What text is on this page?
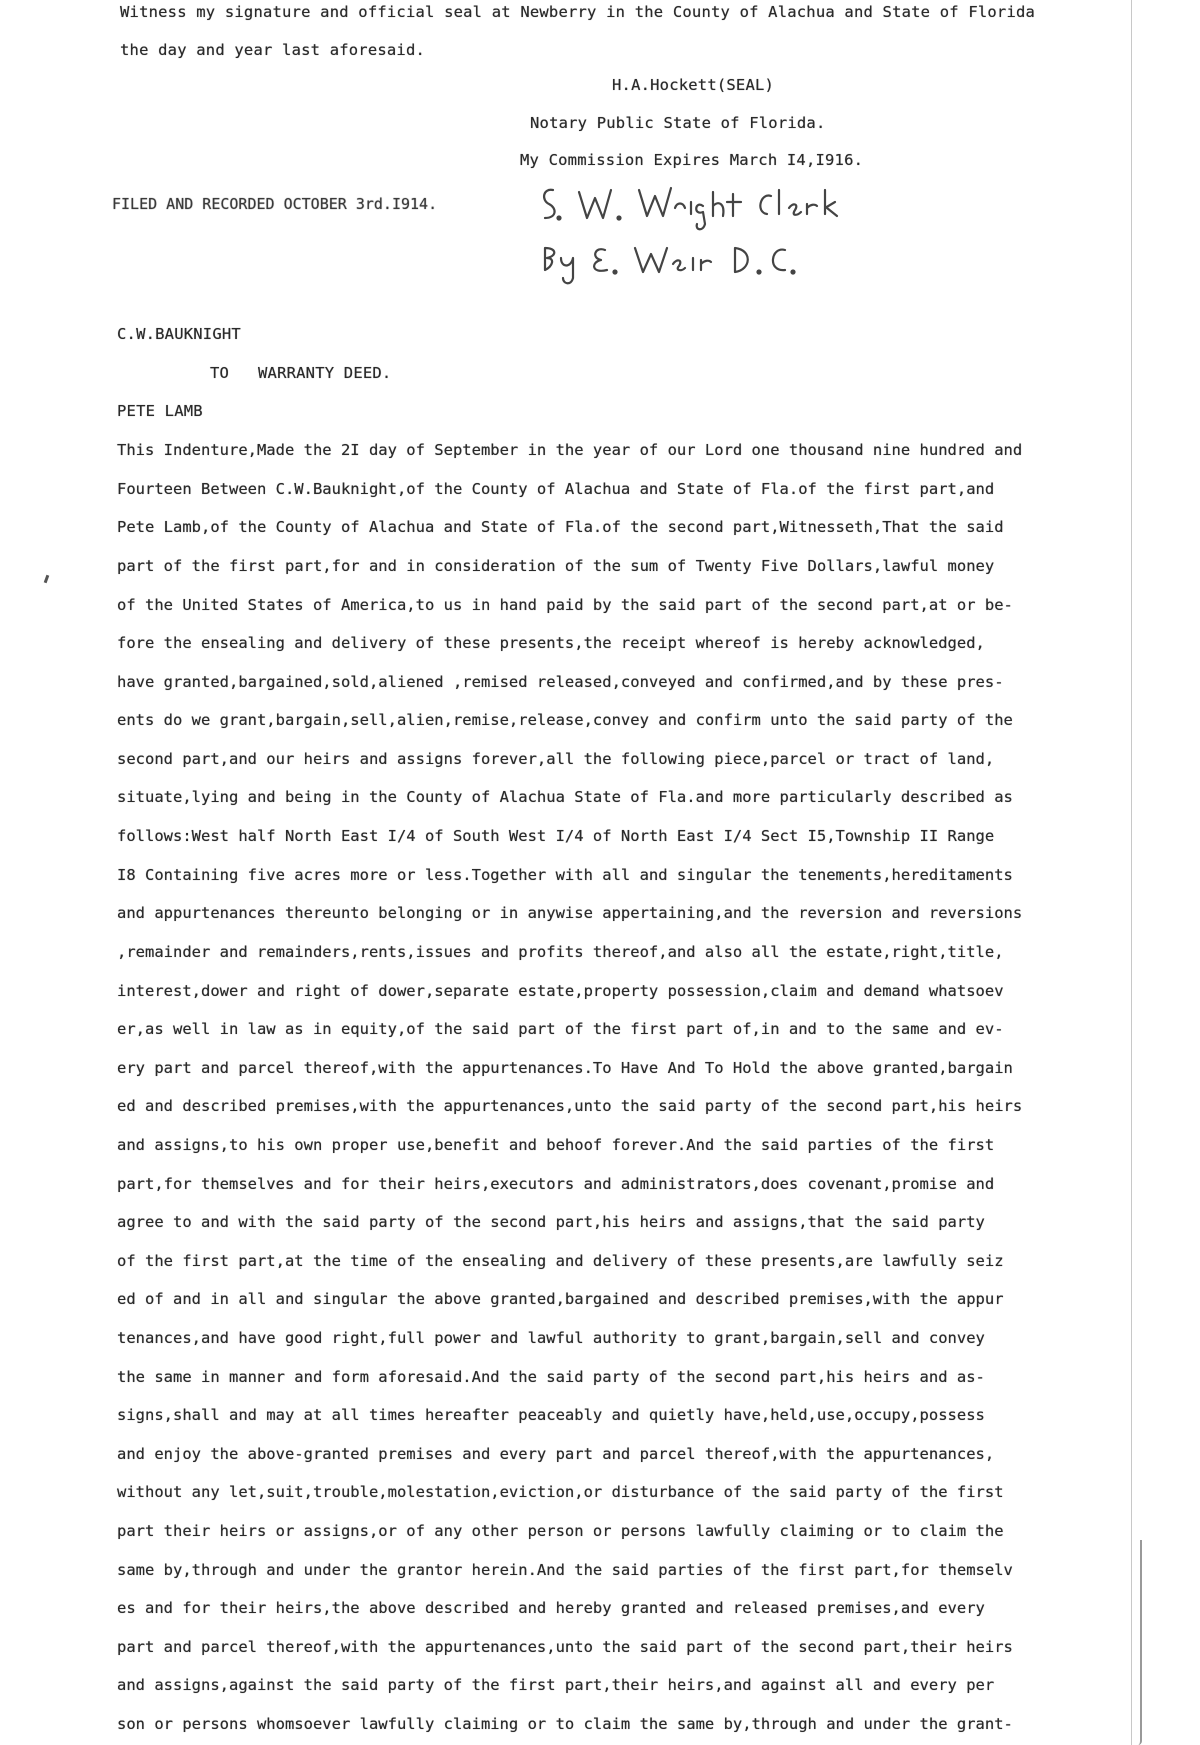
Witness my signature and official seal at Newberry in the County of Alachua and State of Florida
the day and year last aforesaid.
H.A.Hockett(SEAL)
Notary Public State of Florida.
My Commission Expires March I4,I916.
FILED AND RECORDED OCTOBER 3rd.I914.
C.W.BAUKNIGHT
TO WARRANTY DEED.
PETE LAMB
This Indenture,Made the 2I day of September in the year of our Lord one thousand nine hundred and
Fourteen Between C.W.Bauknight,of the County of Alachua and State of Fla.of the first part,and
Pete Lamb,of the County of Alachua and State of Fla.of the second part,Witnesseth,That the said
part of the first part,for and in consideration of the sum of Twenty Five Dollars,lawful money
of the United States of America,to us in hand paid by the said part of the second part,at or be-
fore the ensealing and delivery of these presents,the receipt whereof is hereby acknowledged,
have granted,bargained,sold,aliened ,remised released,conveyed and confirmed,and by these pres-
ents do we grant,bargain,sell,alien,remise,release,convey and confirm unto the said party of the
second part,and our heirs and assigns forever,all the following piece,parcel or tract of land,
situate,lying and being in the County of Alachua State of Fla.and more particularly described as
follows:West half North East I/4 of South West I/4 of North East I/4 Sect I5,Township II Range
I8 Containing five acres more or less.Together with all and singular the tenements,hereditaments
and appurtenances thereunto belonging or in anywise appertaining,and the reversion and reversions
,remainder and remainders,rents,issues and profits thereof,and also all the estate,right,title,
interest,dower and right of dower,separate estate,property possession,claim and demand whatsoev
er,as well in law as in equity,of the said part of the first part of,in and to the same and ev-
ery part and parcel thereof,with the appurtenances.To Have And To Hold the above granted,bargain
ed and described premises,with the appurtenances,unto the said party of the second part,his heirs
and assigns,to his own proper use,benefit and behoof forever.And the said parties of the first
part,for themselves and for their heirs,executors and administrators,does covenant,promise and
agree to and with the said party of the second part,his heirs and assigns,that the said party
of the first part,at the time of the ensealing and delivery of these presents,are lawfully seiz
ed of and in all and singular the above granted,bargained and described premises,with the appur
tenances,and have good right,full power and lawful authority to grant,bargain,sell and convey
the same in manner and form aforesaid.And the said party of the second part,his heirs and as-
signs,shall and may at all times hereafter peaceably and quietly have,held,use,occupy,possess
and enjoy the above-granted premises and every part and parcel thereof,with the appurtenances,
without any let,suit,trouble,molestation,eviction,or disturbance of the said party of the first
part their heirs or assigns,or of any other person or persons lawfully claiming or to claim the
same by,through and under the grantor herein.And the said parties of the first part,for themselv
es and for their heirs,the above described and hereby granted and released premises,and every
part and parcel thereof,with the appurtenances,unto the said part of the second part,their heirs
and assigns,against the said party of the first part,their heirs,and against all and every per
son or persons whomsoever lawfully claiming or to claim the same by,through and under the grant-
